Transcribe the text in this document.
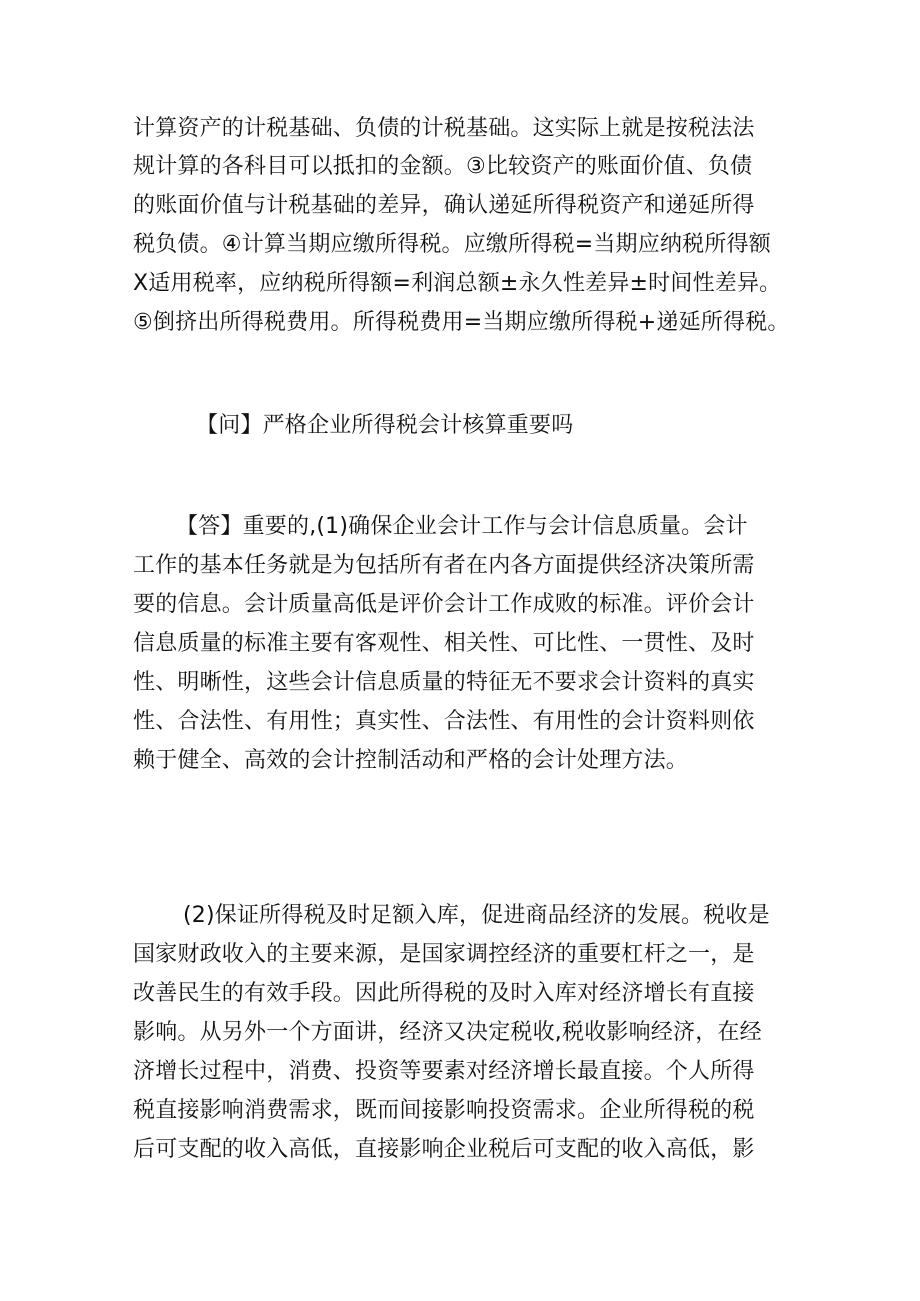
计算资产的计税基础、负债的计税基础。这实际上就是按税法法

规计算的各科目可以抵扣的金额。③比较资产的账面价值、负债

的账面价值与计税基础的差异，确认递延所得税资产和递延所得

税负债。④计算当期应缴所得税。应缴所得税=当期应纳税所得额

X适用税率，应纳税所得额=利润总额±永久性差异±时间性差异。

⑤倒挤出所得税费用。所得税费用=当期应缴所得税+递延所得税。

【问】严格企业所得税会计核算重要吗

【答】重要的,(1)确保企业会计工作与会计信息质量。会计

工作的基本任务就是为包括所有者在内各方面提供经济决策所需

要的信息。会计质量高低是评价会计工作成败的标准。评价会计

信息质量的标准主要有客观性、相关性、可比性、一贯性、及时

性、明晰性，这些会计信息质量的特征无不要求会计资料的真实

性、合法性、有用性；真实性、合法性、有用性的会计资料则依

赖于健全、高效的会计控制活动和严格的会计处理方法。

(2)保证所得税及时足额入库，促进商品经济的发展。税收是

国家财政收入的主要来源，是国家调控经济的重要杠杆之一，是

改善民生的有效手段。因此所得税的及时入库对经济增长有直接

影响。从另外一个方面讲，经济又决定税收,税收影响经济，在经

济增长过程中，消费、投资等要素对经济增长最直接。个人所得

税直接影响消费需求，既而间接影响投资需求。企业所得税的税

后可支配的收入高低，直接影响企业税后可支配的收入高低，影
